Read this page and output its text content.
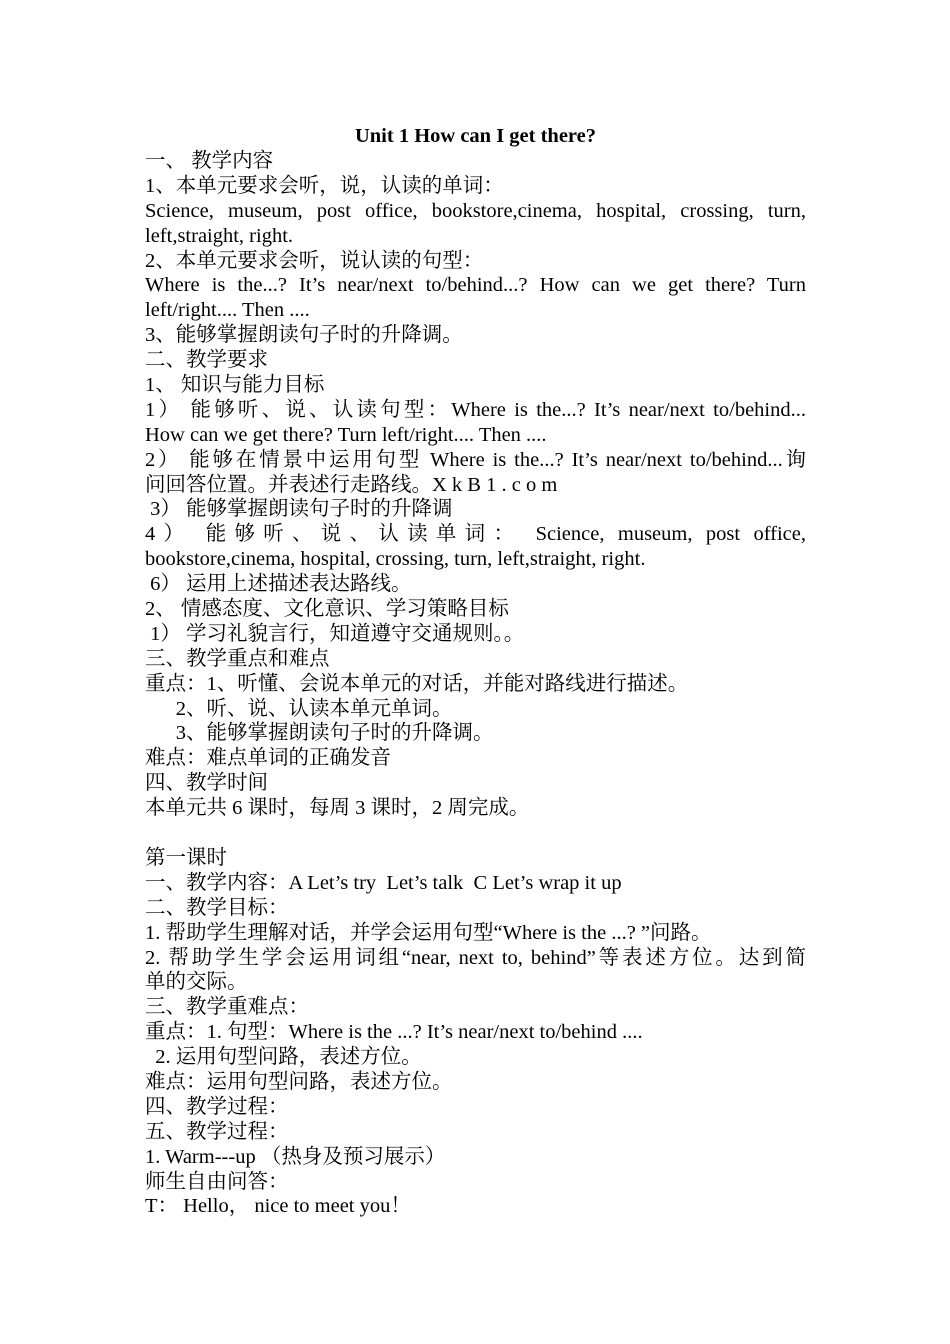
Unit 1 How can I get there?
一、 教学内容
1、本单元要求会听，说，认读的单词：
Science, museum, post office, bookstore,cinema, hospital, crossing, turn,
left,straight, right.
2、本单元要求会听，说认读的句型：
Where is the...? It’s near/next to/behind...? How can we get there? Turn
left/right.... Then ....
3、能够掌握朗读句子时的升降调。
二、教学要求
1、 知识与能力目标
1） 能够听、说、认读句型：Where is the...? It’s near/next to/behind...
How can we get there? Turn left/right.... Then ....
2） 能够在情景中运用句型 Where is the...? It’s near/next to/behind...询
问回答位置。并表述行走路线。X k B 1 . c o m
3） 能够掌握朗读句子时的升降调
4） 能够听、说、认读单词： Science, museum, post office,
bookstore,cinema, hospital, crossing, turn, left,straight, right.
6） 运用上述描述表达路线。
2、 情感态度、文化意识、学习策略目标
1） 学习礼貌言行，知道遵守交通规则。。
三、教学重点和难点
重点：1、听懂、会说本单元的对话，并能对路线进行描述。
2、听、说、认读本单元单词。
3、能够掌握朗读句子时的升降调。
难点：难点单词的正确发音
四、教学时间
本单元共 6 课时，每周 3 课时，2 周完成。
第一课时
一、教学内容：A Let’s try  Let’s talk  C Let’s wrap it up
二、教学目标：
1. 帮助学生理解对话，并学会运用句型“Where is the ...? ”问路。
2. 帮助学生学会运用词组“near, next to, behind”等表述方位。达到简
单的交际。
三、教学重难点：
重点：1. 句型：Where is the ...? It’s near/next to/behind ....
2. 运用句型问路，表述方位。
难点：运用句型问路，表述方位。
四、教学过程：
五、教学过程：
1. Warm---up （热身及预习展示）
师生自由问答：
T： Hello， nice to meet you！
